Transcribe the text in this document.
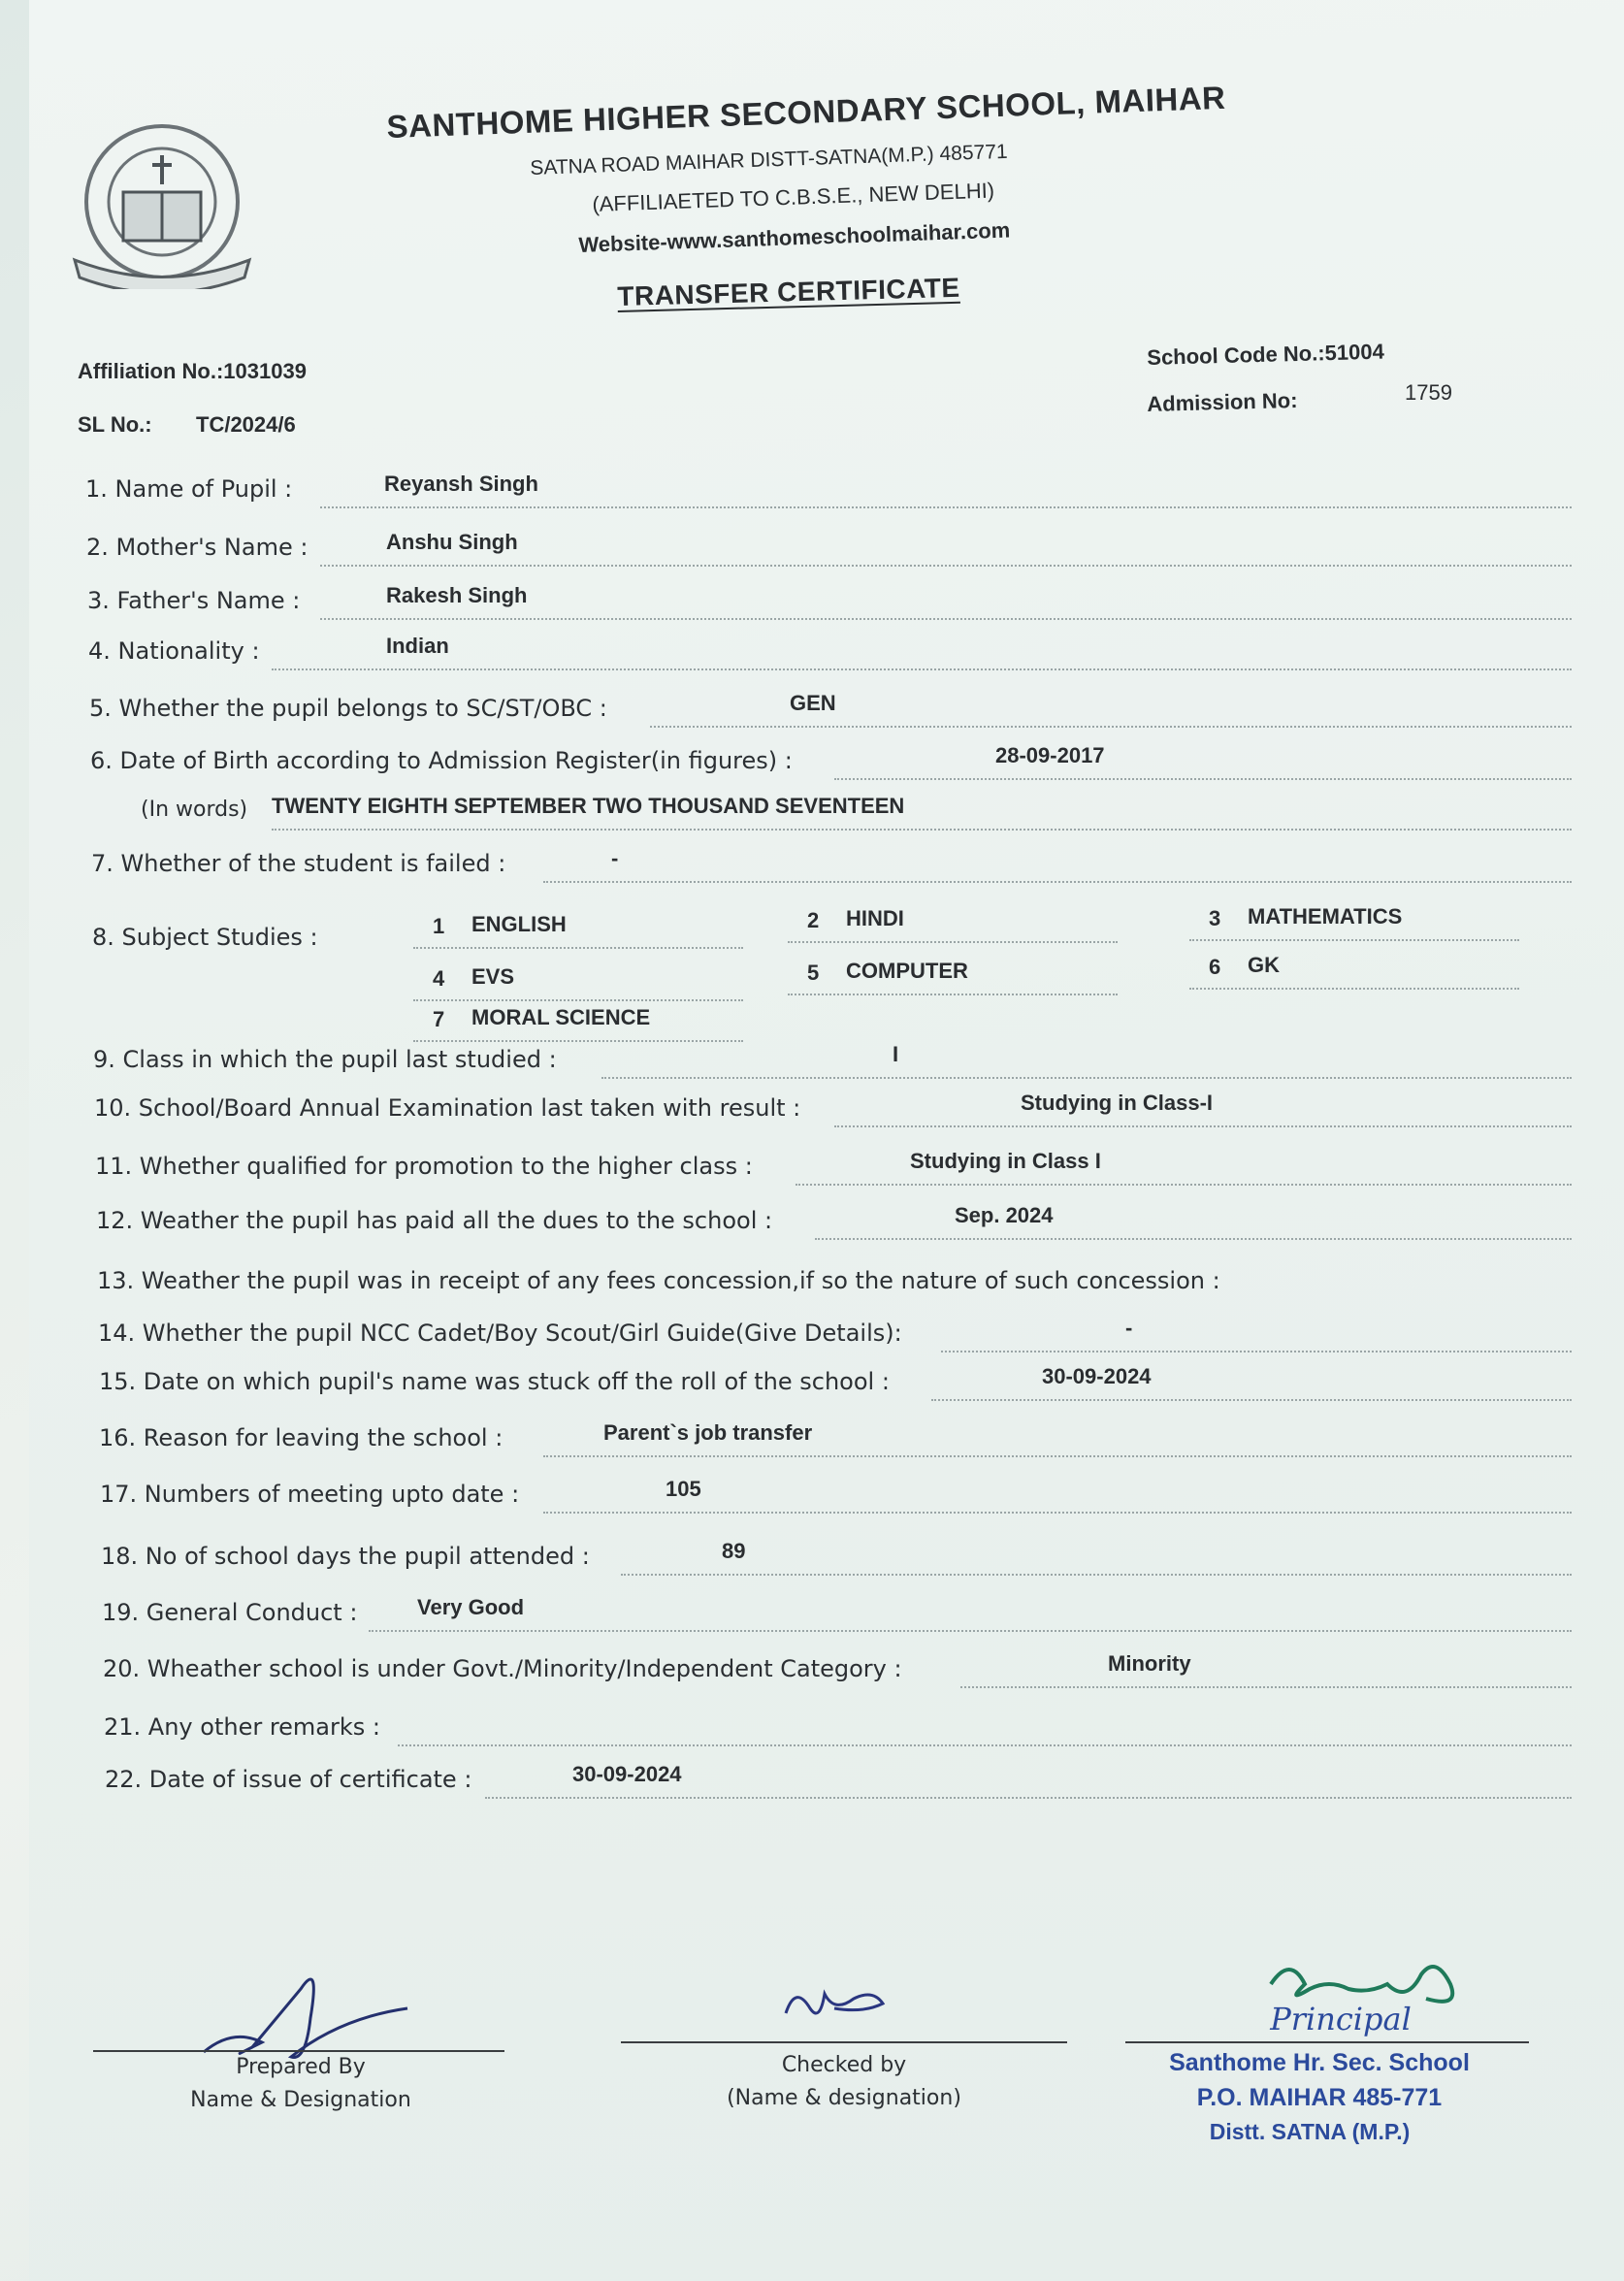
SANTHOME HIGHER SECONDARY SCHOOL, MAIHAR
SATNA ROAD MAIHAR DISTT-SATNA(M.P.) 485771
(AFFILIAETED TO C.B.S.E., NEW DELHI)
Website-www.santhomeschoolmaihar.com
TRANSFER CERTIFICATE
Affiliation No.:1031039
SL No.: TC/2024/6
School Code No.:51004
Admission No:	1759
1. Name of Pupil :	Reyansh Singh
2. Mother's Name :	Anshu Singh
3. Father's Name :	Rakesh Singh
4. Nationality :	Indian
5. Whether the pupil belongs to SC/ST/OBC :	GEN
6. Date of Birth according to Admission Register(in figures) :	28-09-2017
(In words) TWENTY EIGHTH SEPTEMBER TWO THOUSAND SEVENTEEN
7. Whether of the student is failed :	-
8. Subject Studies :
9. Class in which the pupil last studied :	I
10. School/Board Annual Examination last taken with result :	Studying in Class-I
11. Whether qualified for promotion to the higher class :	Studying in Class I
12. Weather the pupil has paid all the dues to the school :	Sep. 2024
13. Weather the pupil was in receipt of any fees concession,if so the nature of such concession :
14. Whether the pupil NCC Cadet/Boy Scout/Girl Guide(Give Details):	-
15. Date on which pupil's name was stuck off the roll of the school :	30-09-2024
16. Reason for leaving the school :	Parent`s job transfer
17. Numbers of meeting upto date :	105
18. No of school days the pupil attended :	89
19. General Conduct :	Very Good
20. Wheather school is under Govt./Minority/Independent Category :	Minority
21. Any other remarks :
22. Date of issue of certificate :	30-09-2024
1 ENGLISH	2 HINDI	3 MATHEMATICS
4 EVS	5 COMPUTER	6 GK
7 MORAL SCIENCE
Prepared By
Name & Designation
Checked by
(Name & designation)
Principal
Santhome Hr. Sec. School
P.O. MAIHAR 485-771
Distt. SATNA (M.P.)
